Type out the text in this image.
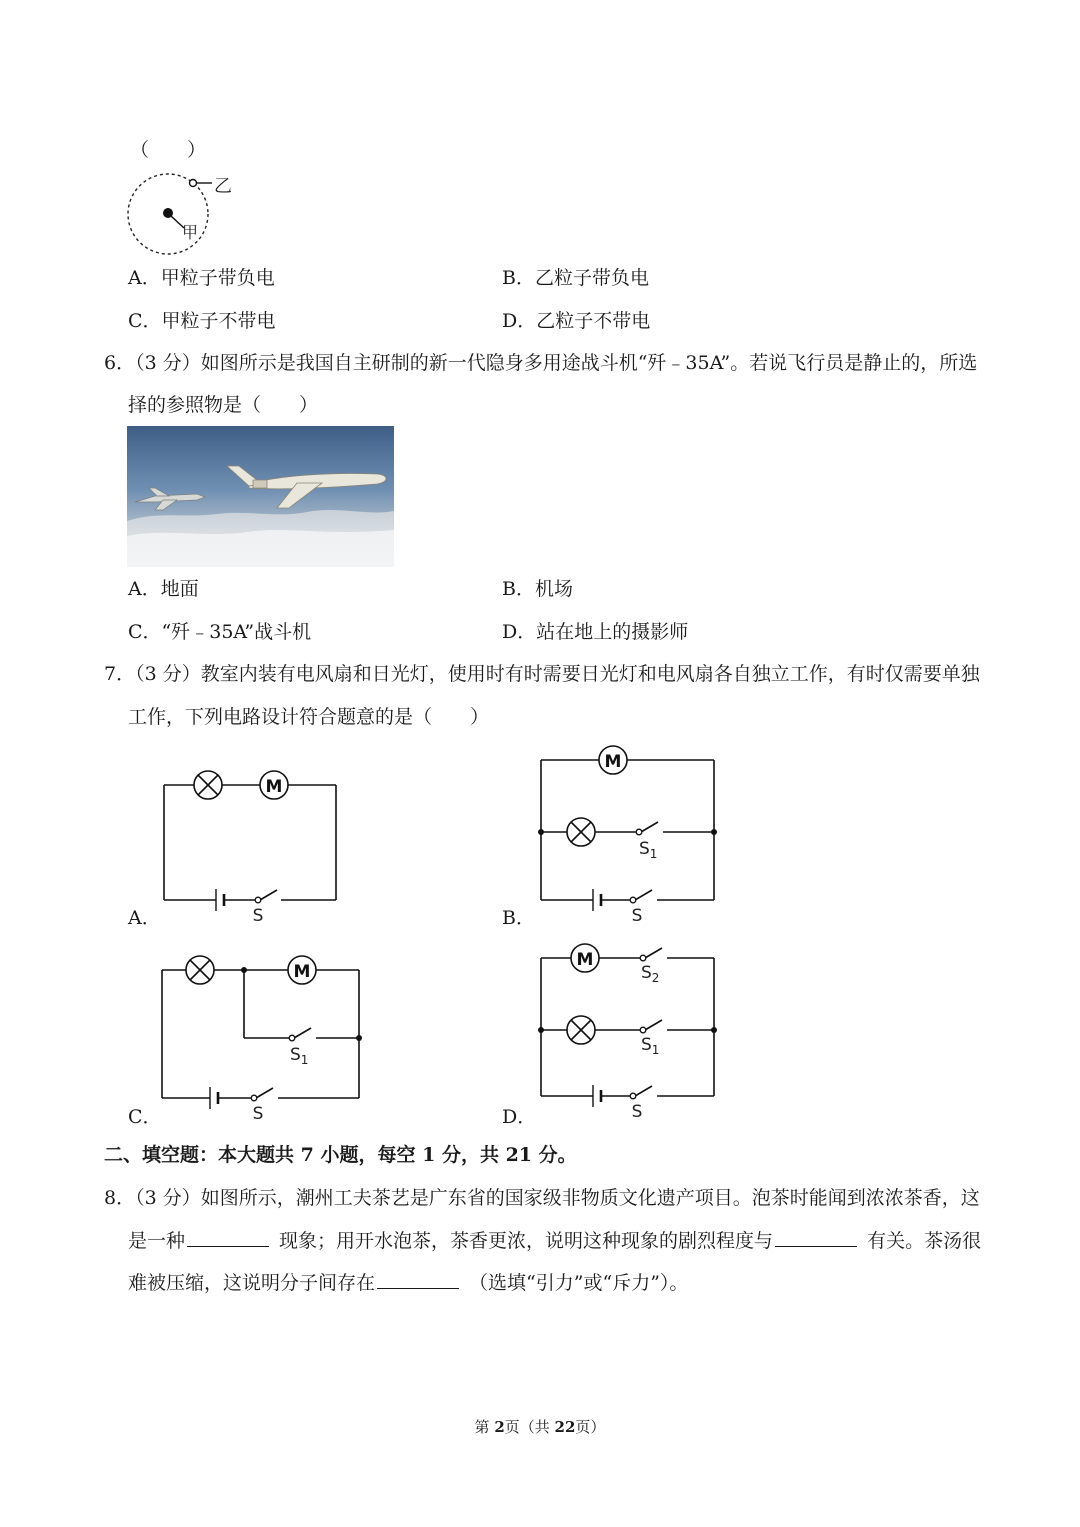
（　　）
乙
甲
A．甲粒子带负电	B．乙粒子带负电
C．甲粒子不带电	D．乙粒子不带电
6．（3 分）如图所示是我国自主研制的新一代隐身多用途战斗机“歼﹣35A”。若说飞行员是静止的，所选
择的参照物是（　　）
A．地面	B．机场
C．“歼﹣35A”战斗机	D．站在地上的摄影师
7．（3 分）教室内装有电风扇和日光灯，使用时有时需要日光灯和电风扇各自独立工作，有时仅需要单独
工作，下列电路设计符合题意的是（　　）
M
S
A．
M
$S_1$
S
B．
M
$S_1$
S
C．
M
$S_2$
$S_1$
S
D．
二、填空题：本大题共 7 小题，每空 1 分，共 21 分。
8．（3 分）如图所示，潮州工夫茶艺是广东省的国家级非物质文化遗产项目。泡茶时能闻到浓浓茶香，这
是一种	现象；用开水泡茶，茶香更浓，说明这种现象的剧烈程度与	有关。茶汤很
难被压缩，这说明分子间存在	（选填“引力”或“斥力”）。
第 2页（共 22页）
